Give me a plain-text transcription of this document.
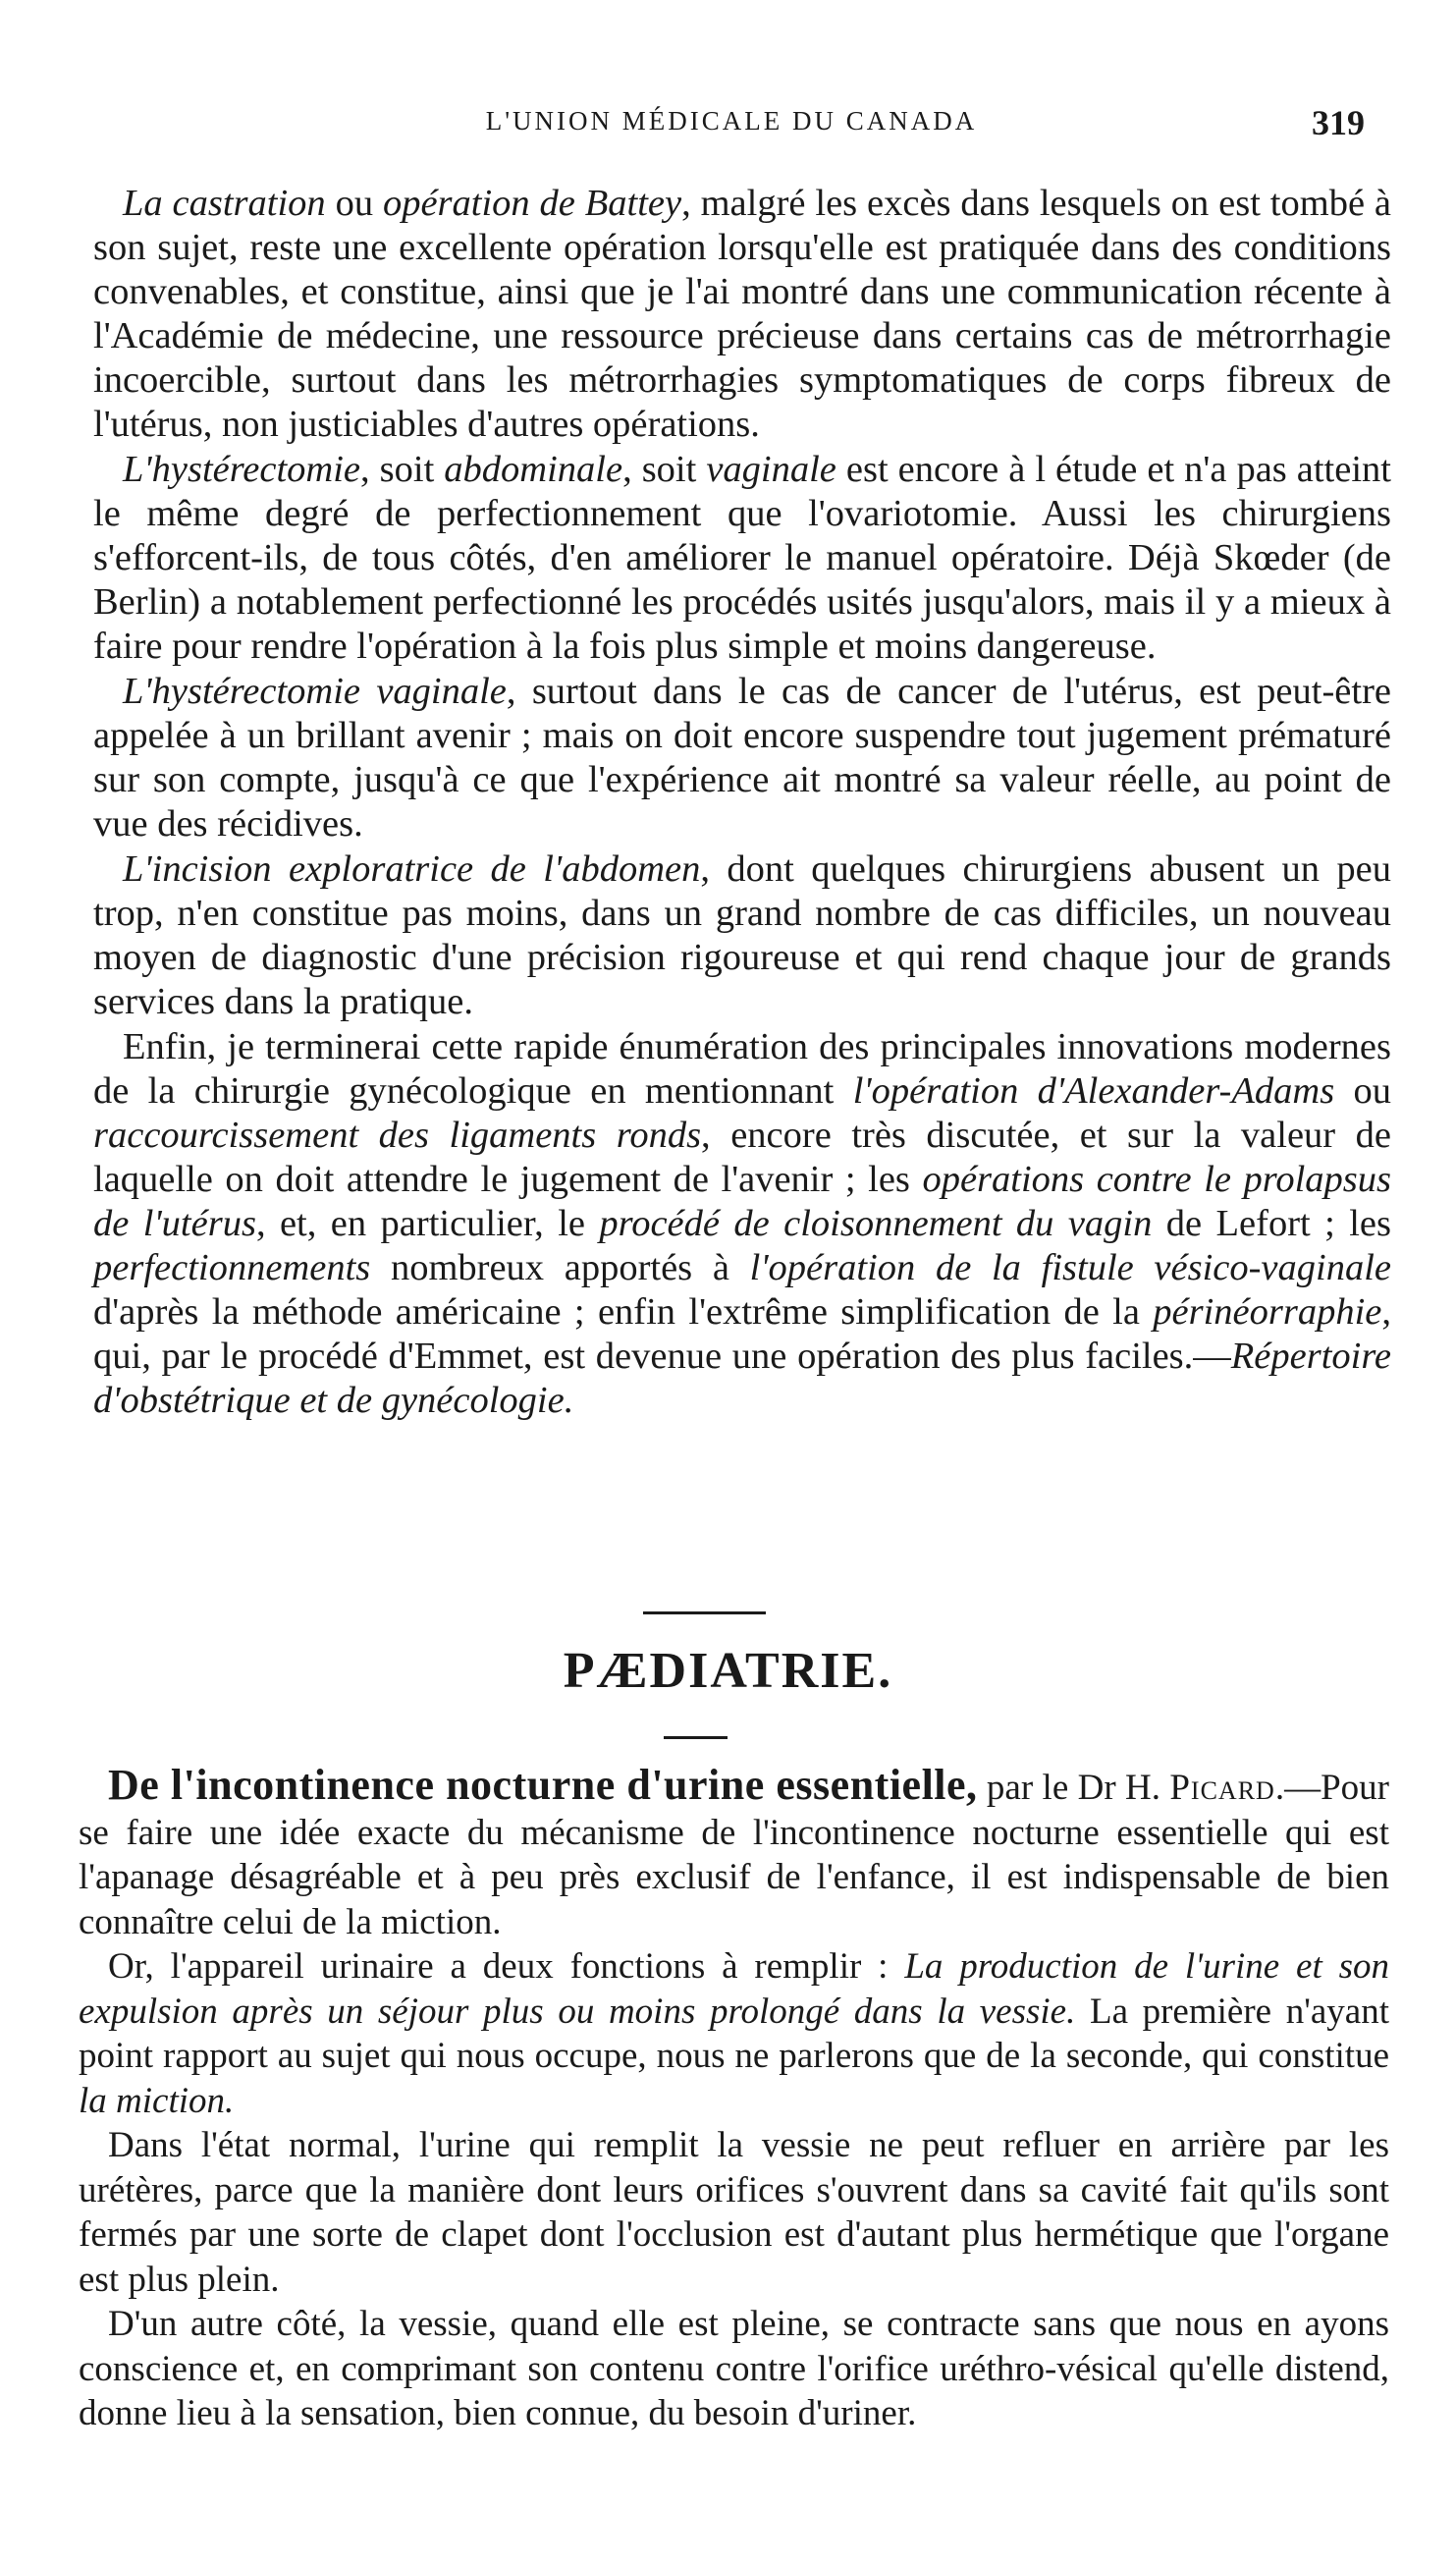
L'UNION MÉDICALE DU CANADA	319

La castration ou opération de Battey, malgré les excès dans lesquels on est tombé à son sujet, reste une excellente opération lorsqu'elle est pratiquée dans des conditions convenables, et constitue, ainsi que je l'ai montré dans une communication récente à l'Académie de médecine, une ressource précieuse dans certains cas de métrorrhagie incoercible, surtout dans les métrorrhagies symptomatiques de corps fibreux de l'utérus, non justiciables d'autres opérations.

L'hystérectomie, soit abdominale, soit vaginale est encore à l étude et n'a pas atteint le même degré de perfectionnement que l'ovariotomie. Aussi les chirurgiens s'efforcent-ils, de tous côtés, d'en améliorer le manuel opératoire. Déjà Skœder (de Berlin) a notablement perfectionné les procédés usités jusqu'alors, mais il y a mieux à faire pour rendre l'opération à la fois plus simple et moins dangereuse.

L'hystérectomie vaginale, surtout dans le cas de cancer de l'utérus, est peut-être appelée à un brillant avenir ; mais on doit encore suspendre tout jugement prématuré sur son compte, jusqu'à ce que l'expérience ait montré sa valeur réelle, au point de vue des récidives.

L'incision exploratrice de l'abdomen, dont quelques chirurgiens abusent un peu trop, n'en constitue pas moins, dans un grand nombre de cas difficiles, un nouveau moyen de diagnostic d'une précision rigoureuse et qui rend chaque jour de grands services dans la pratique.

Enfin, je terminerai cette rapide énumération des principales innovations modernes de la chirurgie gynécologique en mentionnant l'opération d'Alexander-Adams ou raccourcissement des ligaments ronds, encore très discutée, et sur la valeur de laquelle on doit attendre le jugement de l'avenir ; les opérations contre le prolapsus de l'utérus, et, en particulier, le procédé de cloisonnement du vagin de Lefort ; les perfectionnements nombreux apportés à l'opération de la fistule vésico-vaginale d'après la méthode américaine ; enfin l'extrême simplification de la périnéorraphie, qui, par le procédé d'Emmet, est devenue une opération des plus faciles.—Répertoire d'obstétrique et de gynécologie.

PÆDIATRIE.

De l'incontinence nocturne d'urine essentielle, par le Dr H. Picard.—Pour se faire une idée exacte du mécanisme de l'incontinence nocturne essentielle qui est l'apanage désagréable et à peu près exclusif de l'enfance, il est indispensable de bien connaître celui de la miction.

Or, l'appareil urinaire a deux fonctions à remplir : La production de l'urine et son expulsion après un séjour plus ou moins prolongé dans la vessie. La première n'ayant point rapport au sujet qui nous occupe, nous ne parlerons que de la seconde, qui constitue la miction.

Dans l'état normal, l'urine qui remplit la vessie ne peut refluer en arrière par les urétères, parce que la manière dont leurs orifices s'ouvrent dans sa cavité fait qu'ils sont fermés par une sorte de clapet dont l'occlusion est d'autant plus hermétique que l'organe est plus plein.

D'un autre côté, la vessie, quand elle est pleine, se contracte sans que nous en ayons conscience et, en comprimant son contenu contre l'orifice uréthro-vésical qu'elle distend, donne lieu à la sensation, bien connue, du besoin d'uriner.
